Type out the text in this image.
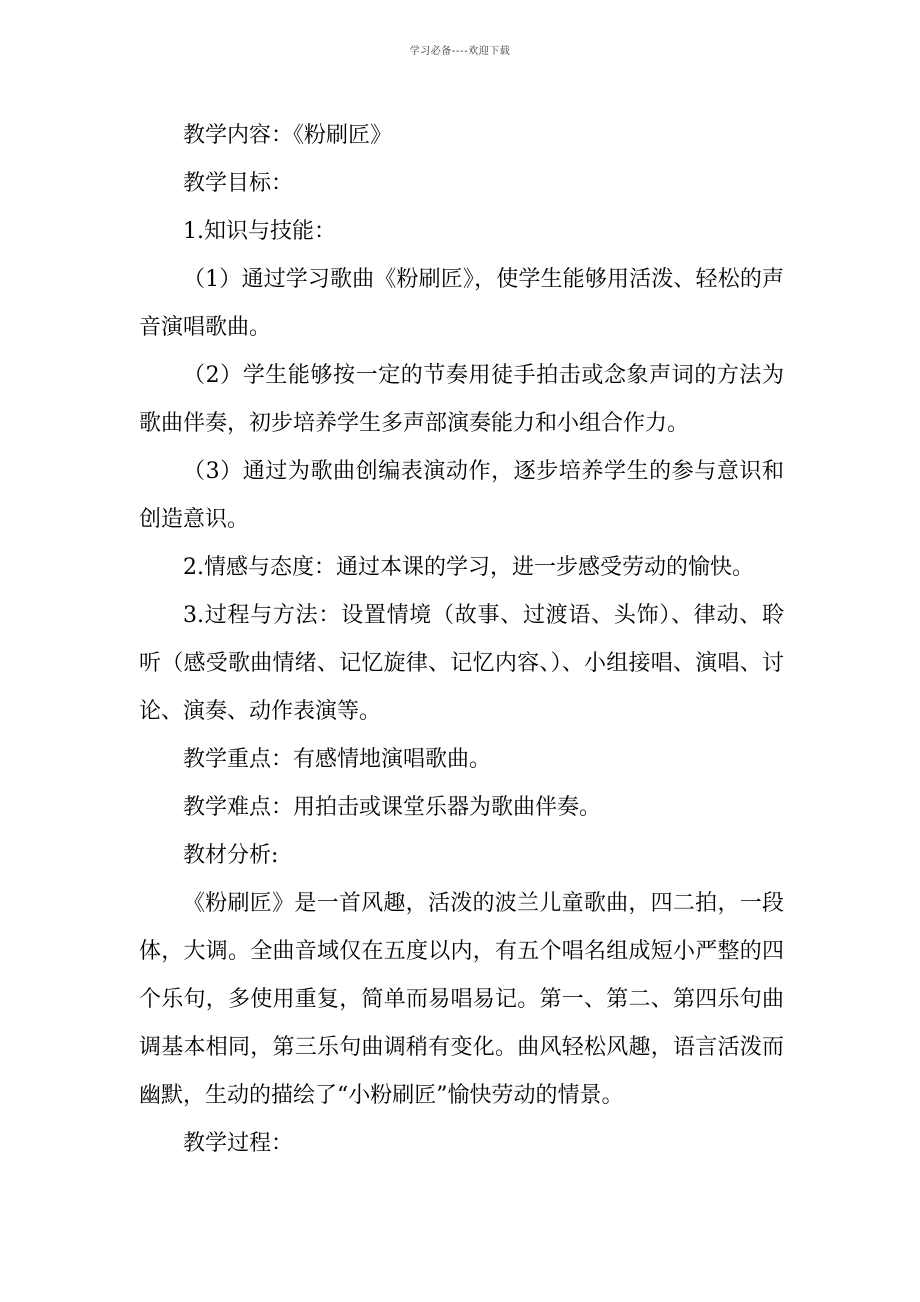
学习必备----欢迎下载

教学内容：《粉刷匠》

教学目标：

1.知识与技能：

（1）通过学习歌曲《粉刷匠》，使学生能够用活泼、轻松的声音演唱歌曲。

（2）学生能够按一定的节奏用徒手拍击或念象声词的方法为歌曲伴奏，初步培养学生多声部演奏能力和小组合作力。

（3）通过为歌曲创编表演动作，逐步培养学生的参与意识和创造意识。

2.情感与态度：通过本课的学习，进一步感受劳动的愉快。

3.过程与方法：设置情境（故事、过渡语、头饰）、律动、聆听（感受歌曲情绪、记忆旋律、记忆内容、）、小组接唱、演唱、讨论、演奏、动作表演等。

教学重点：有感情地演唱歌曲。

教学难点：用拍击或课堂乐器为歌曲伴奏。

教材分析:

《粉刷匠》是一首风趣，活泼的波兰儿童歌曲，四二拍，一段体，大调。全曲音域仅在五度以内，有五个唱名组成短小严整的四个乐句，多使用重复，简单而易唱易记。第一、第二、第四乐句曲调基本相同，第三乐句曲调稍有变化。曲风轻松风趣，语言活泼而幽默，生动的描绘了“小粉刷匠”愉快劳动的情景。

教学过程：
